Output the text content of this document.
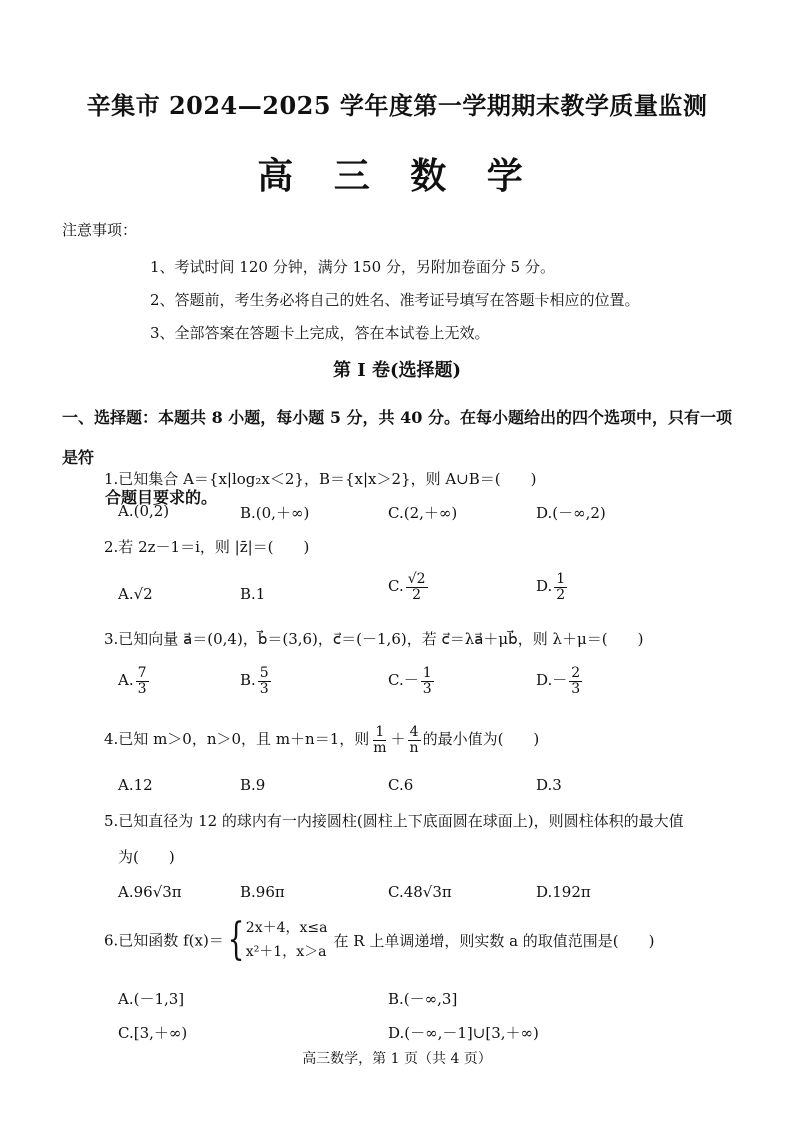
辛集市 2024—2025 学年度第一学期期末教学质量监测
高 三 数 学
注意事项：
1、考试时间 120 分钟，满分 150 分，另附加卷面分 5 分。
2、答题前，考生务必将自己的姓名、准考证号填写在答题卡相应的位置。
3、全部答案在答题卡上完成，答在本试卷上无效。
第 I 卷(选择题)
一、选择题：本题共 8 小题，每小题 5 分，共 40 分。在每小题给出的四个选项中，只有一项是符
合题目要求的。
1.已知集合 A＝{x|log₂x＜2}，B＝{x|x＞2}，则 A∪B＝(　　)
A.(0,2)	B.(0,＋∞)	C.(2,＋∞)	D.(－∞,2)
2.若 2z－1＝i，则 |z̄|＝(　　)
A.√2	B.1	C. $\frac{√2}{2}$	D. $\frac{1}{2}$
3.已知向量 a⃗＝(0,4)，b⃗＝(3,6)，c⃗＝(－1,6)，若 c⃗＝λa⃗＋μb⃗，则 λ＋μ＝(　　)
A. $\frac{7}{3}$	B. $\frac{5}{3}$	$C.- \frac{1}{3}$	$D.- \frac{2}{3}$
4.已知 m＞0，n＞0，且 m＋n＝1，则 $\frac{1}{m} + \frac{4}{n}$ 的最小值为(　　)
A.12	B.9	C.6	D.3
5.已知直径为 12 的球内有一内接圆柱(圆柱上下底面圆在球面上)，则圆柱体积的最大值
为(　　)
A.96√3π	B.96π	C.48√3π	D.192π
6.已知函数 f(x)＝ { 2x＋4，x≤a
x²＋1，x＞a
在 R 上单调递增，则实数 a 的取值范围是(　　)
A.(－1,3]	B.(－∞,3]
C.[3,＋∞)	D.(－∞,－1]∪[3,＋∞)
高三数学，第 1 页（共 4 页）
